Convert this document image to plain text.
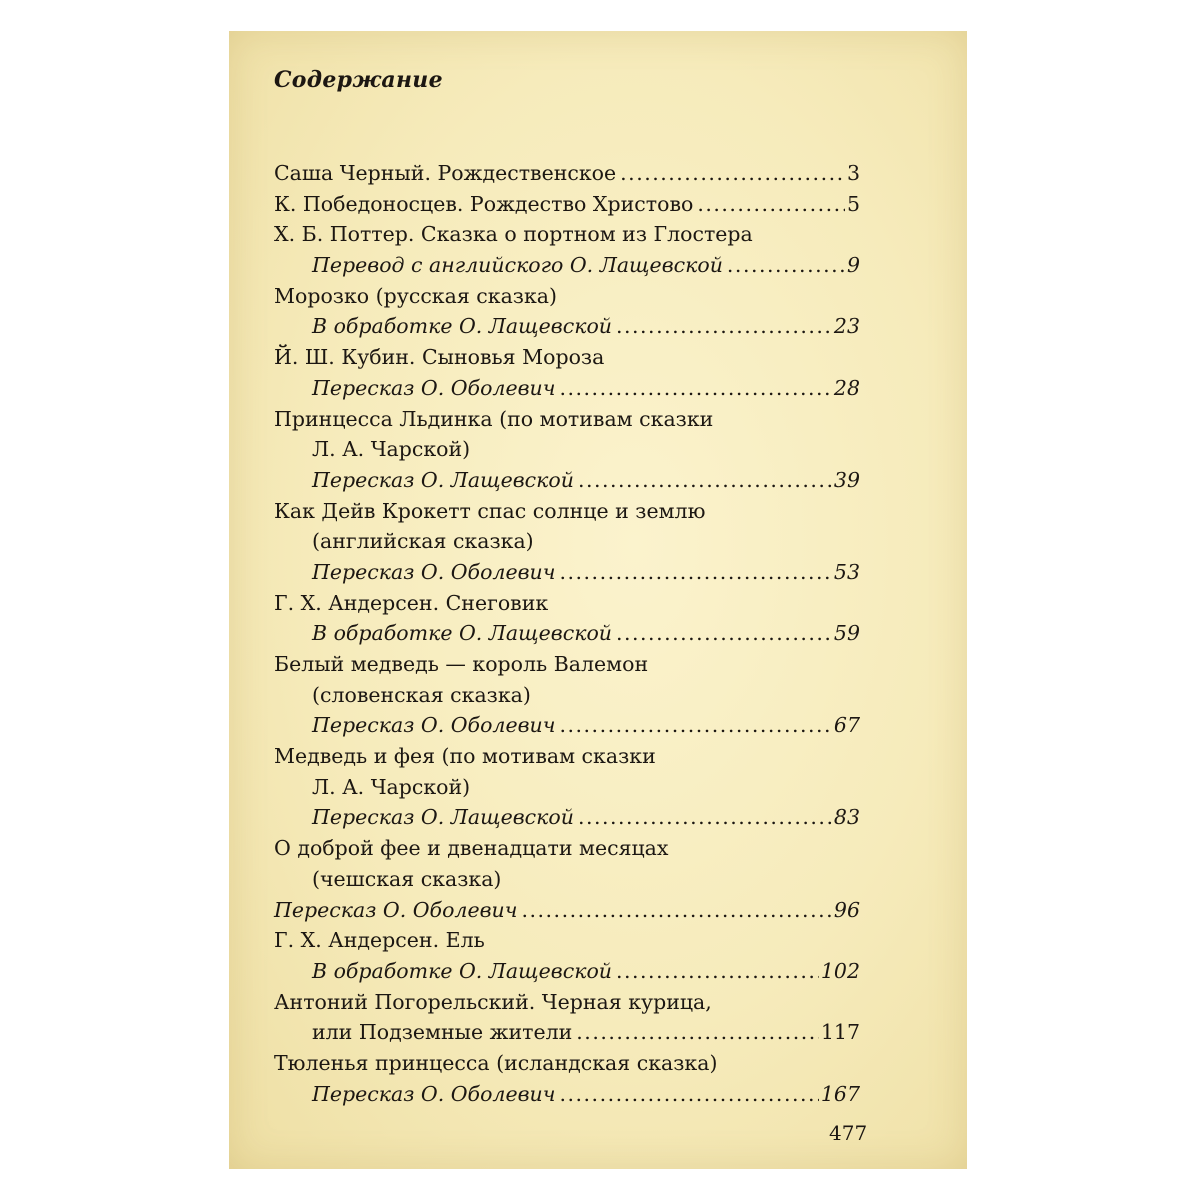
Содержание
Саша Черный. Рождественское .....	3
К. Победоносцев. Рождество Христово .....	5
Х. Б. Поттер. Сказка о портном из Глостера
Перевод с английского О. Лащевской .....	9
Морозко (русская сказка)
В обработке О. Лащевской .....	23
Й. Ш. Кубин. Сыновья Мороза
Пересказ О. Оболевич .....	28
Принцесса Льдинка (по мотивам сказки
Л. А. Чарской)
Пересказ О. Лащевской .....	39
Как Дейв Крокетт спас солнце и землю
(английская сказка)
Пересказ О. Оболевич .....	53
Г. Х. Андерсен. Снеговик
В обработке О. Лащевской .....	59
Белый медведь — король Валемон
(словенская сказка)
Пересказ О. Оболевич .....	67
Медведь и фея (по мотивам сказки
Л. А. Чарской)
Пересказ О. Лащевской .....	83
О доброй фее и двенадцати месяцах
(чешская сказка)
Пересказ О. Оболевич .....	96
Г. Х. Андерсен. Ель
В обработке О. Лащевской .....	102
Антоний Погорельский. Черная курица,
или Подземные жители .....	117
Тюленья принцесса (исландская сказка)
Пересказ О. Оболевич .....	167
477
